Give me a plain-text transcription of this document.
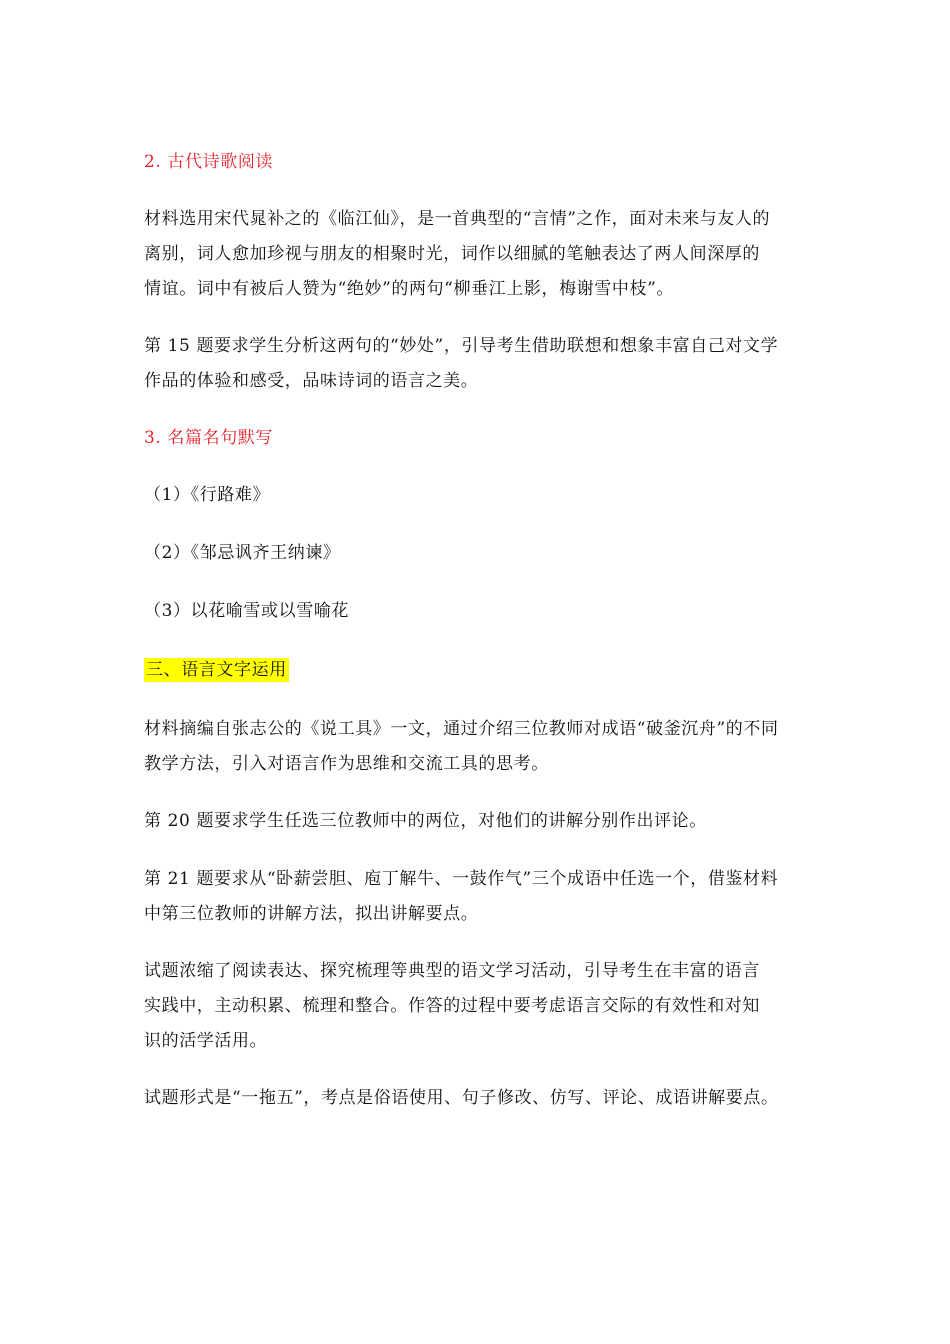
2. 古代诗歌阅读
材料选用宋代晁补之的《临江仙》，是一首典型的“言情”之作，面对未来与友人的
离别，词人愈加珍视与朋友的相聚时光，词作以细腻的笔触表达了两人间深厚的
情谊。词中有被后人赞为“绝妙”的两句“柳垂江上影，梅谢雪中枝”。
第 15 题要求学生分析这两句的“妙处”，引导考生借助联想和想象丰富自己对文学
作品的体验和感受，品味诗词的语言之美。
3. 名篇名句默写
（1）《行路难》
（2）《邹忌讽齐王纳谏》
（3）以花喻雪或以雪喻花
三、语言文字运用
材料摘编自张志公的《说工具》一文，通过介绍三位教师对成语“破釜沉舟”的不同
教学方法，引入对语言作为思维和交流工具的思考。
第 20 题要求学生任选三位教师中的两位，对他们的讲解分别作出评论。
第 21 题要求从“卧薪尝胆、庖丁解牛、一鼓作气”三个成语中任选一个，借鉴材料
中第三位教师的讲解方法，拟出讲解要点。
试题浓缩了阅读表达、探究梳理等典型的语文学习活动，引导考生在丰富的语言
实践中，主动积累、梳理和整合。作答的过程中要考虑语言交际的有效性和对知
识的活学活用。
试题形式是“一拖五”，考点是俗语使用、句子修改、仿写、评论、成语讲解要点。
